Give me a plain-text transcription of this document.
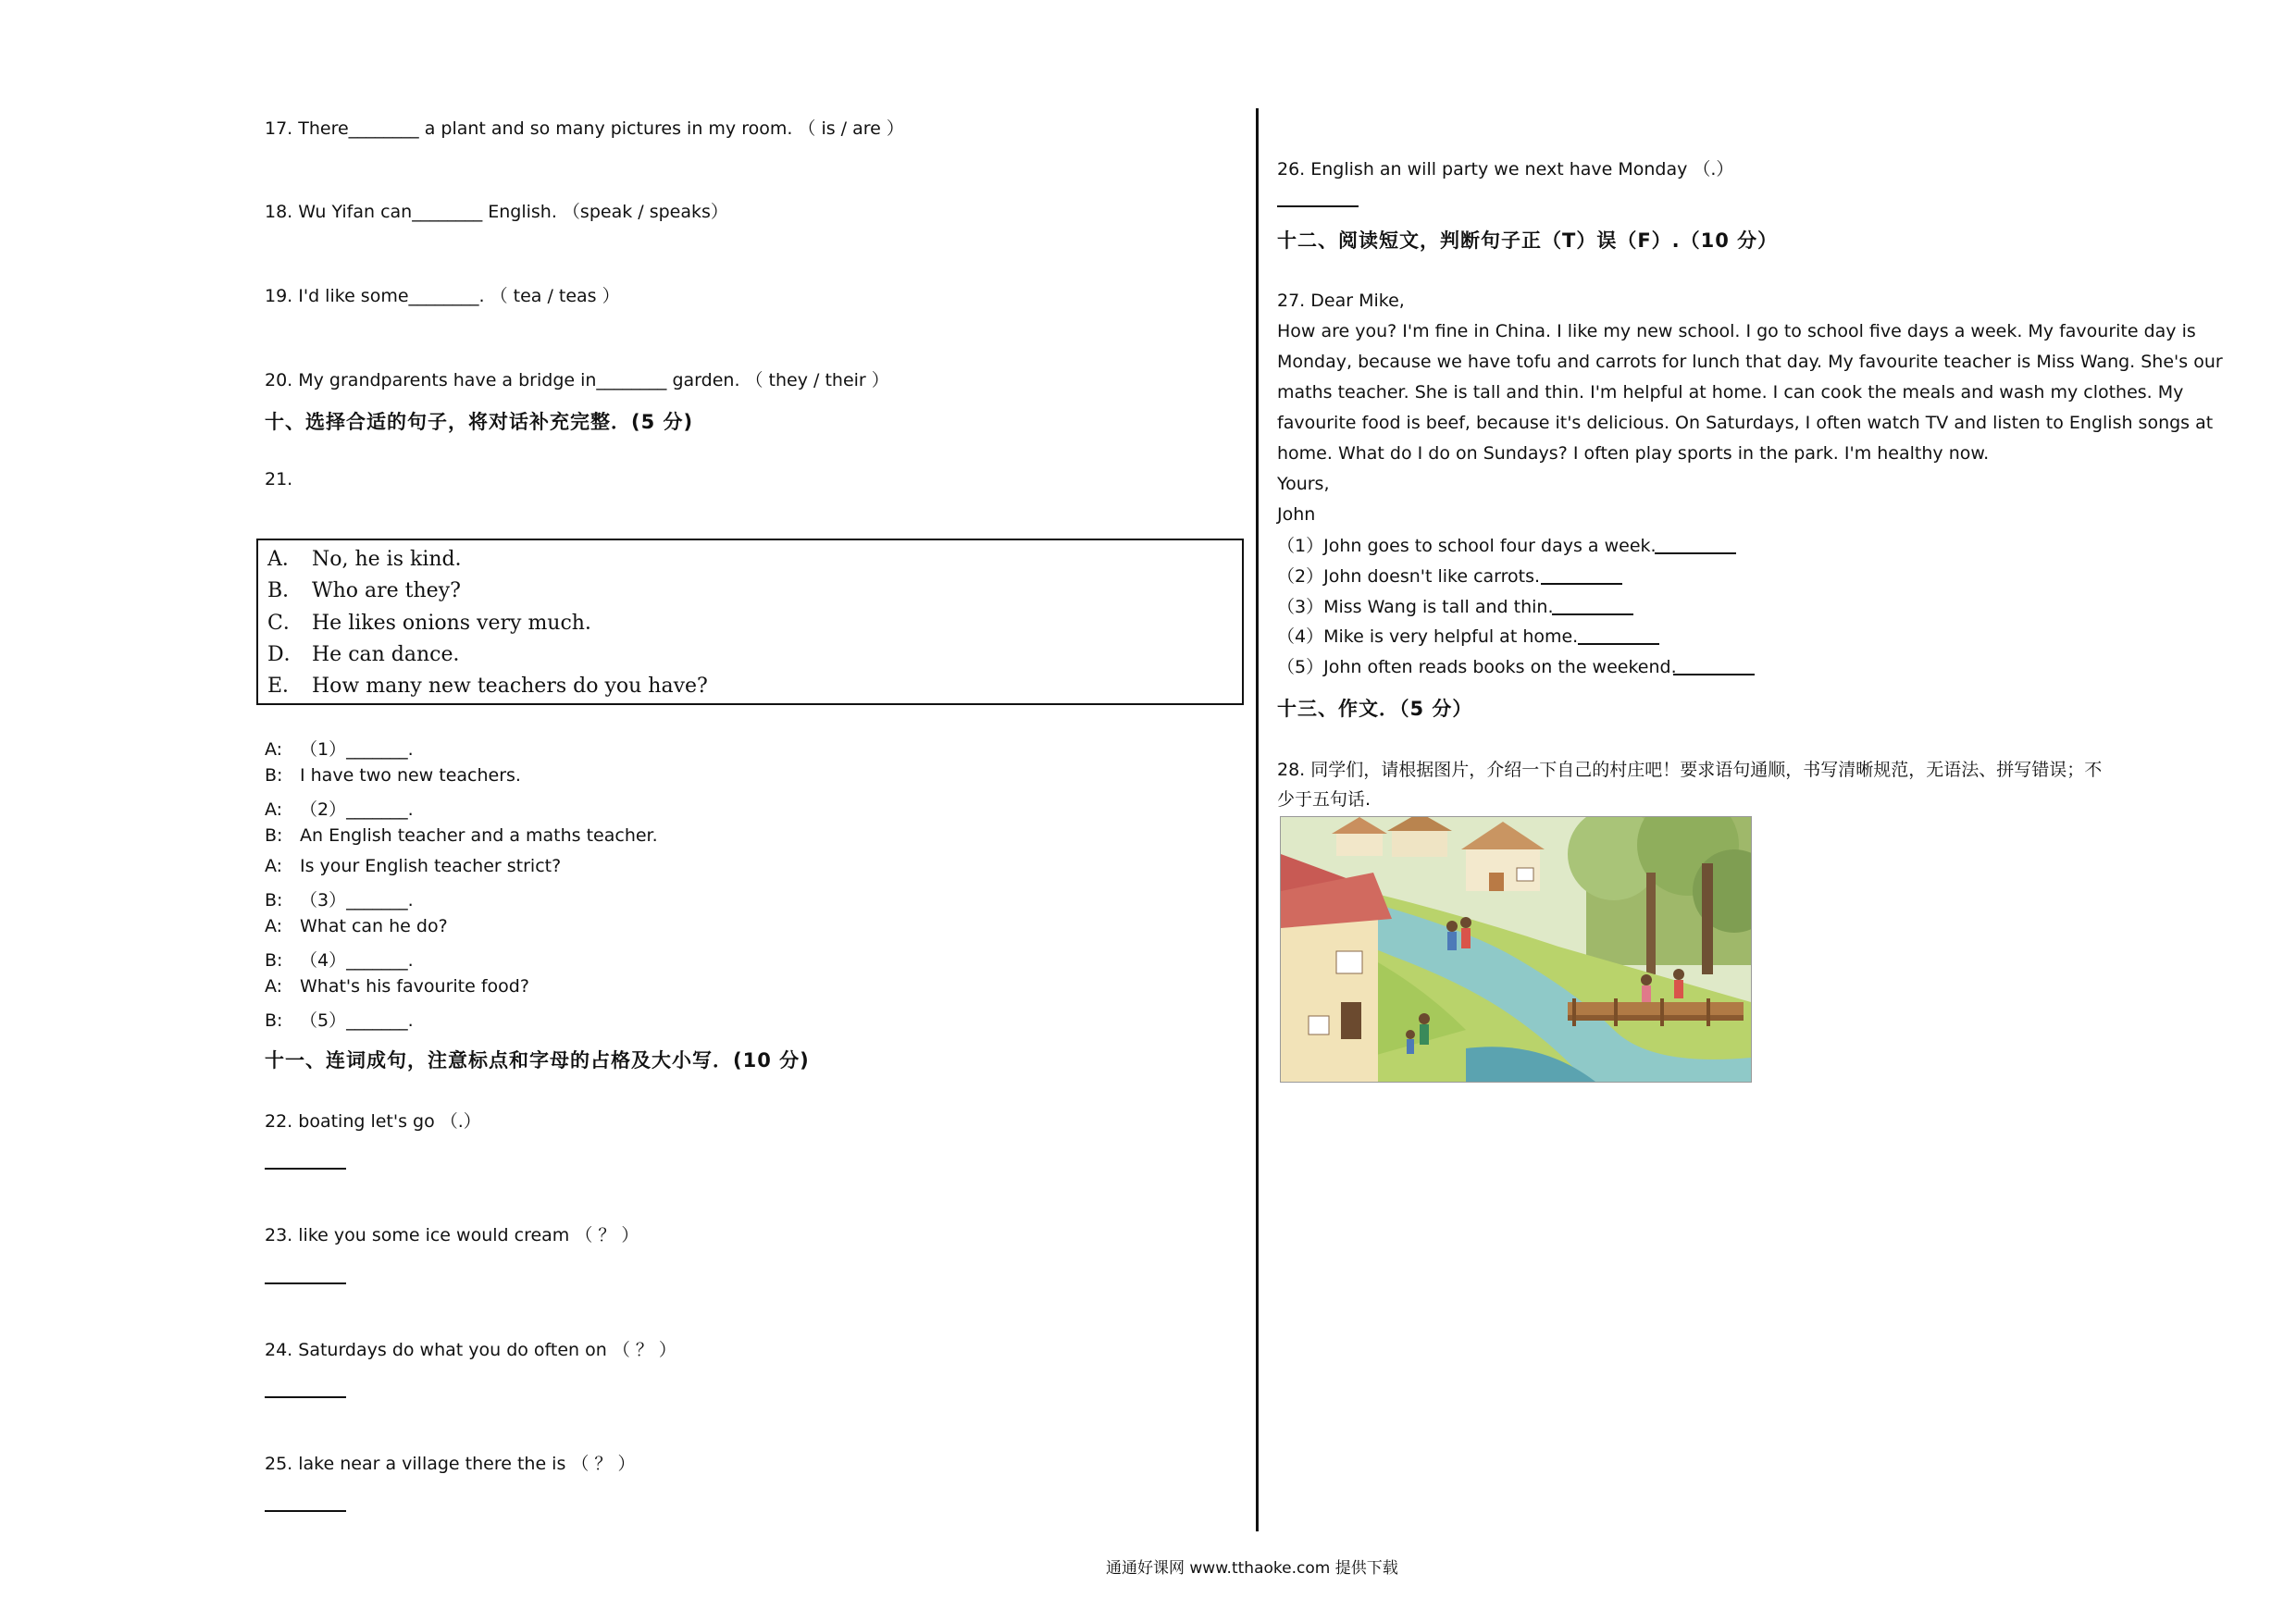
17. There________ a plant and so many pictures in my room. （ is / are ）
18. Wu Yifan can________ English. （speak / speaks）
19. I'd like some________. （ tea / teas ）
20. My grandparents have a bridge in________ garden. （ they / their ）
十、选择合适的句子，将对话补充完整．(5 分)
21.
A． No, he is kind．
B． Who are they?
C． He likes onions very much．
D． He can dance．
E． How many new teachers do you have?
A: （1）_______.
B: I have two new teachers.
A: （2）_______.
B: An English teacher and a maths teacher.
A: Is your English teacher strict?
B: （3）_______.
A: What can he do?
B: （4）_______.
A: What's his favourite food?
B: （5）_______.
十一、连词成句，注意标点和字母的占格及大小写．(10 分)
22. boating let's go （.）
23. like you some ice would cream （ ？ ）
24. Saturdays do what you do often on （ ？ ）
25. lake near a village there the is （ ？ ）
26. English an will party we next have Monday （.）
十二、阅读短文，判断句子正（T）误（F）.（10 分）
27. Dear Mike,
How are you? I'm fine in China. I like my new school. I go to school five days a week. My favourite day is
Monday, because we have tofu and carrots for lunch that day. My favourite teacher is Miss Wang. She's our
maths teacher. She is tall and thin. I'm helpful at home. I can cook the meals and wash my clothes. My
favourite food is beef, because it's delicious. On Saturdays, I often watch TV and listen to English songs at
home. What do I do on Sundays? I often play sports in the park. I'm healthy now.
Yours,
John
（1）John goes to school four days a week.
（2）John doesn't like carrots.
（3）Miss Wang is tall and thin.
（4）Mike is very helpful at home.
（5）John often reads books on the weekend.
十三、作文．（5 分）
28. 同学们，请根据图片，介绍一下自己的村庄吧！要求语句通顺，书写清晰规范，无语法、拼写错误；不
少于五句话.
通通好课网 www.tthaoke.com 提供下载
